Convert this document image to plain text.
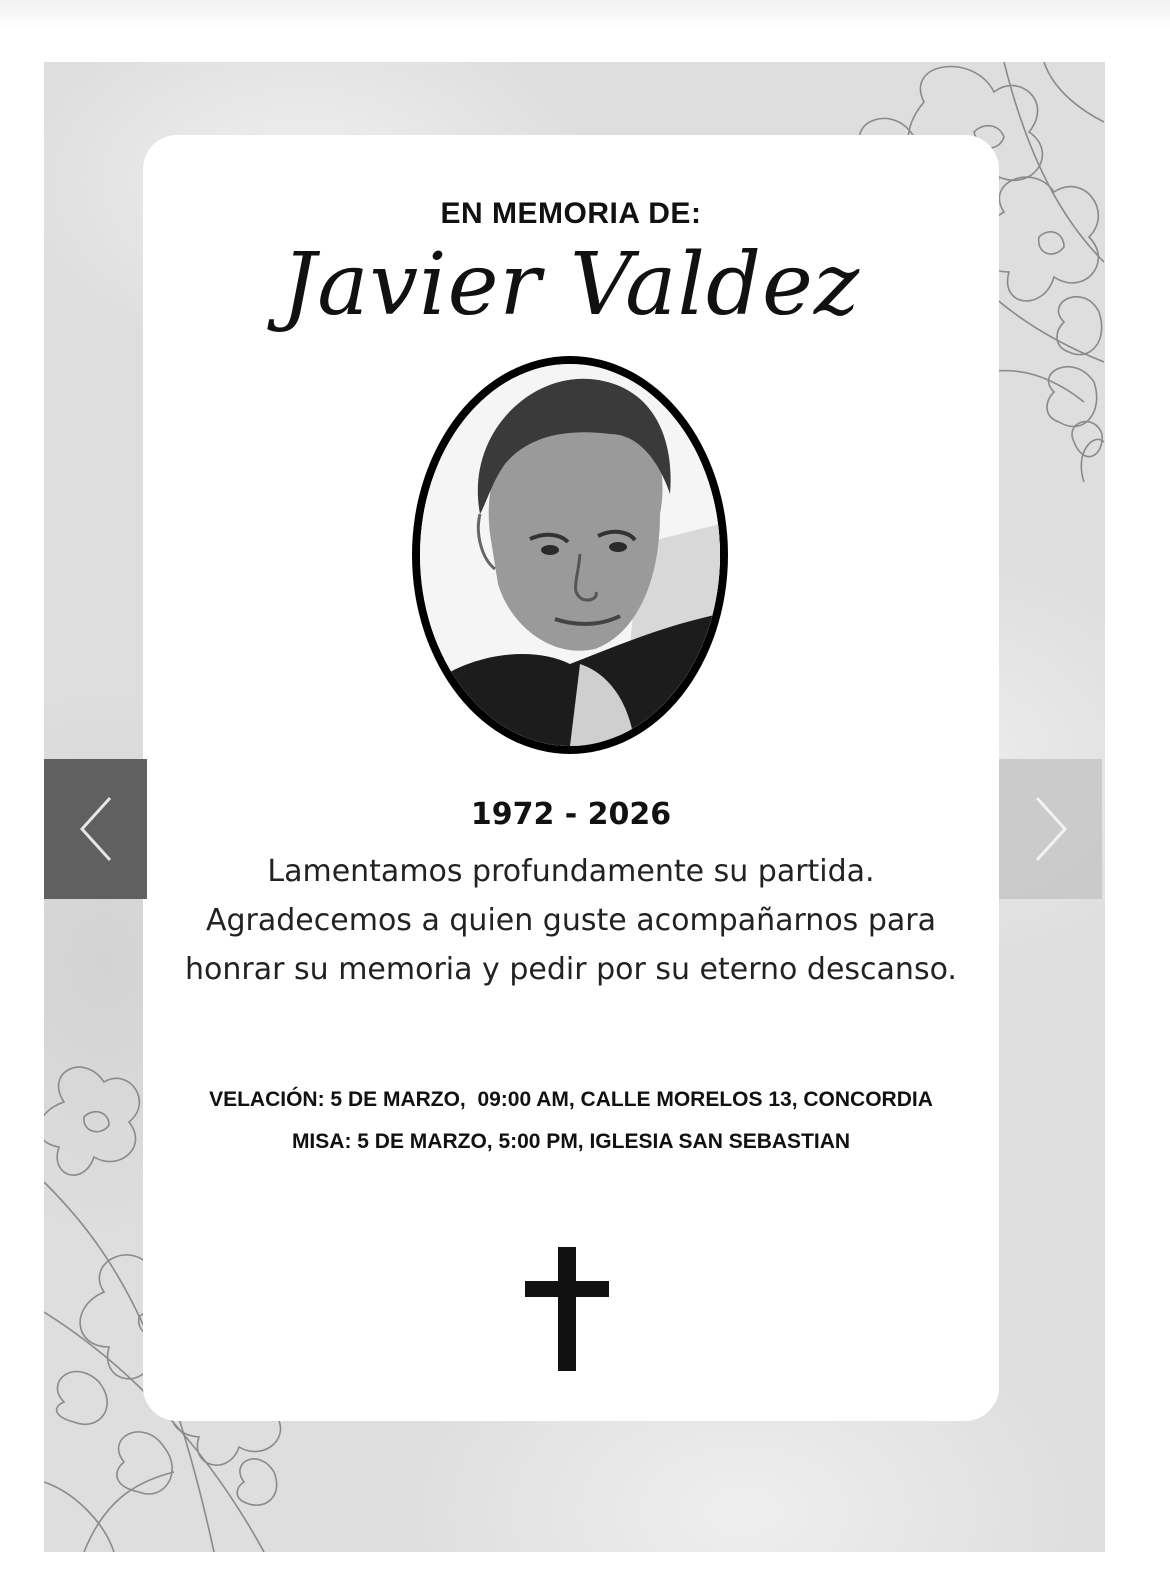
EN MEMORIA DE:
Javier Valdez
1972 - 2026
Lamentamos profundamente su partida. Agradecemos a quien guste acompañarnos para honrar su memoria y pedir por su eterno descanso.
VELACIÓN: 5 DE MARZO,  09:00 AM, CALLE MORELOS 13, CONCORDIA
MISA: 5 DE MARZO, 5:00 PM, IGLESIA SAN SEBASTIAN
